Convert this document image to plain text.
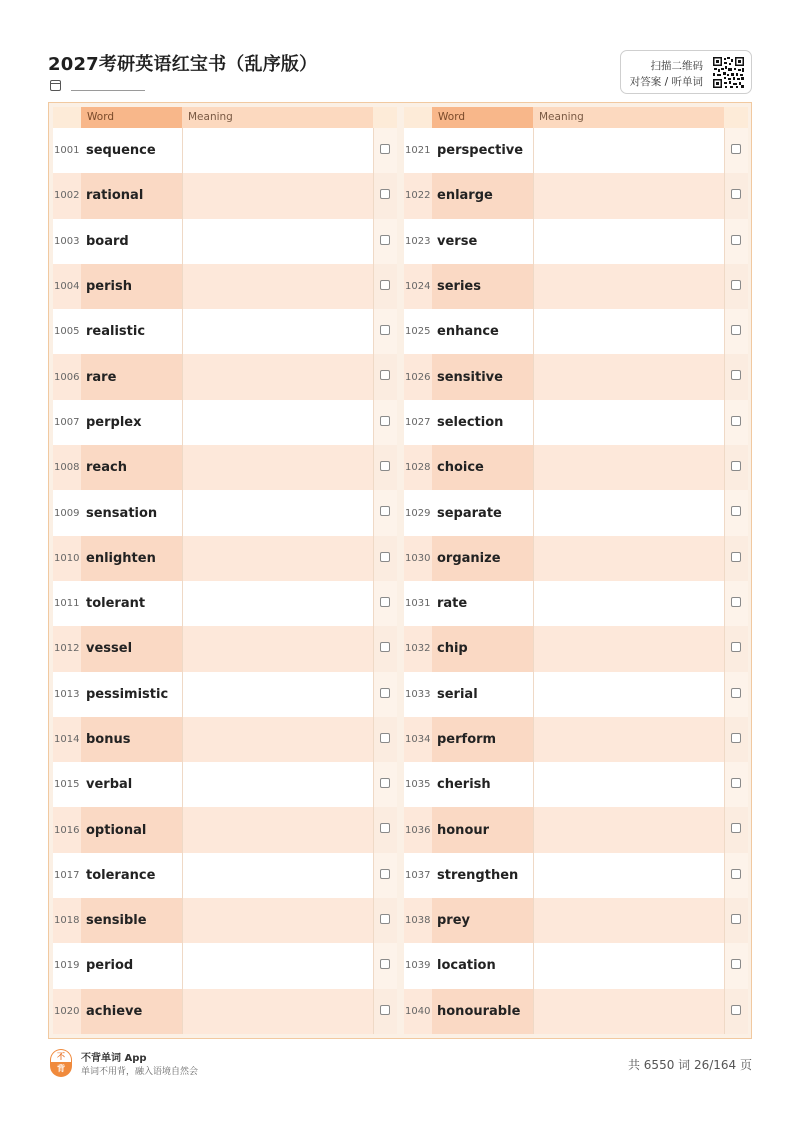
2027考研英语红宝书（乱序版）	扫描二维码
对答案 / 听单词
Word	Meaning
1001 sequence
1002 rational
1003 board
1004 perish
1005 realistic
1006 rare
1007 perplex
1008 reach
1009 sensation
1010 enlighten
1011 tolerant
1012 vessel
1013 pessimistic
1014 bonus
1015 verbal
1016 optional
1017 tolerance
1018 sensible
1019 period
1020 achieve
Word	Meaning
1021 perspective
1022 enlarge
1023 verse
1024 series
1025 enhance
1026 sensitive
1027 selection
1028 choice
1029 separate
1030 organize
1031 rate
1032 chip
1033 serial
1034 perform
1035 cherish
1036 honour
1037 strengthen
1038 prey
1039 location
1040 honourable
不
背
不背单词 App
单词不用背，融入语境自然会	共 6550 词 26/164 页
